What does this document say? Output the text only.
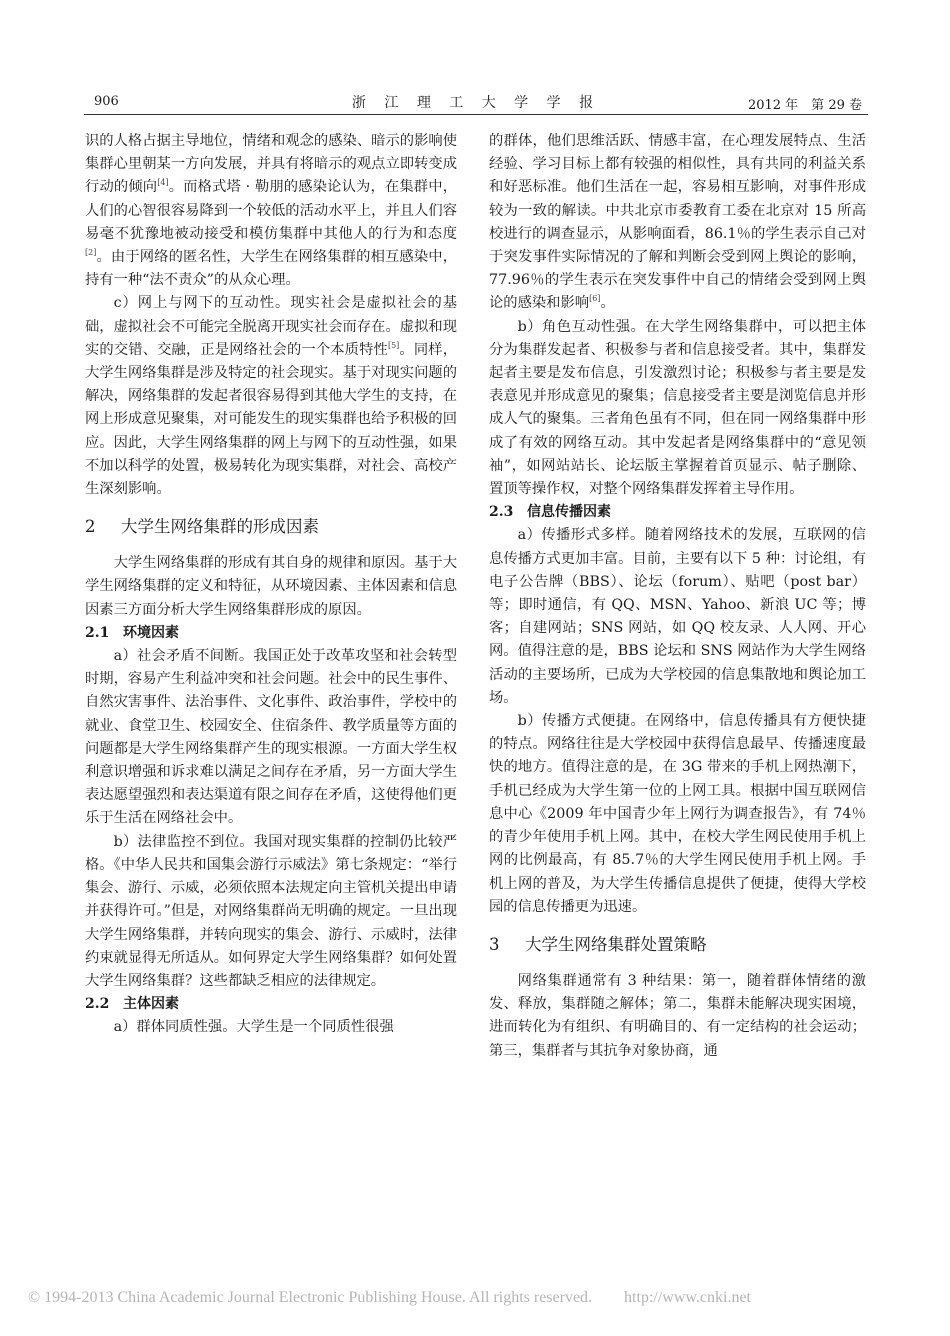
906	浙 江 理 工 大 学 学 报	2012 年　第 29 卷

识的人格占据主导地位，情绪和观念的感染、暗示的影响使集群心里朝某一方向发展，并具有将暗示的观点立即转变成行动的倾向[4]。而格式塔 · 勒朋的感染论认为，在集群中，人们的心智很容易降到一个较低的活动水平上，并且人们容易毫不犹豫地被动接受和模仿集群中其他人的行为和态度[2]。由于网络的匿名性，大学生在网络集群的相互感染中，持有一种“法不责众”的从众心理。

c）网上与网下的互动性。现实社会是虚拟社会的基础，虚拟社会不可能完全脱离开现实社会而存在。虚拟和现实的交错、交融，正是网络社会的一个本质特性[5]。同样，大学生网络集群是涉及特定的社会现实。基于对现实问题的解决，网络集群的发起者很容易得到其他大学生的支持，在网上形成意见聚集，对可能发生的现实集群也给予积极的回应。因此，大学生网络集群的网上与网下的互动性强，如果不加以科学的处置，极易转化为现实集群，对社会、高校产生深刻影响。

2 大学生网络集群的形成因素

大学生网络集群的形成有其自身的规律和原因。基于大学生网络集群的定义和特征，从环境因素、主体因素和信息因素三方面分析大学生网络集群形成的原因。

2.1 环境因素

a）社会矛盾不间断。我国正处于改革攻坚和社会转型时期，容易产生利益冲突和社会问题。社会中的民生事件、自然灾害事件、法治事件、文化事件、政治事件，学校中的就业、食堂卫生、校园安全、住宿条件、教学质量等方面的问题都是大学生网络集群产生的现实根源。一方面大学生权利意识增强和诉求难以满足之间存在矛盾，另一方面大学生表达愿望强烈和表达渠道有限之间存在矛盾，这使得他们更乐于生活在网络社会中。

b）法律监控不到位。我国对现实集群的控制仍比较严格。《中华人民共和国集会游行示威法》第七条规定：“举行集会、游行、示威，必须依照本法规定向主管机关提出申请并获得许可。”但是，对网络集群尚无明确的规定。一旦出现大学生网络集群，并转向现实的集会、游行、示威时，法律约束就显得无所适从。如何界定大学生网络集群？如何处置大学生网络集群？这些都缺乏相应的法律规定。

2.2 主体因素

a）群体同质性强。大学生是一个同质性很强

的群体，他们思维活跃、情感丰富，在心理发展特点、生活经验、学习目标上都有较强的相似性，具有共同的利益关系和好恶标准。他们生活在一起，容易相互影响，对事件形成较为一致的解读。中共北京市委教育工委在北京对 15 所高校进行的调查显示，从影响面看，86.1％的学生表示自己对于突发事件实际情况的了解和判断会受到网上舆论的影响，77.96％的学生表示在突发事件中自己的情绪会受到网上舆论的感染和影响[6]。

b）角色互动性强。在大学生网络集群中，可以把主体分为集群发起者、积极参与者和信息接受者。其中，集群发起者主要是发布信息，引发激烈讨论；积极参与者主要是发表意见并形成意见的聚集；信息接受者主要是浏览信息并形成人气的聚集。三者角色虽有不同，但在同一网络集群中形成了有效的网络互动。其中发起者是网络集群中的“意见领袖”，如网站站长、论坛版主掌握着首页显示、帖子删除、置顶等操作权，对整个网络集群发挥着主导作用。

2.3 信息传播因素

a）传播形式多样。随着网络技术的发展，互联网的信息传播方式更加丰富。目前，主要有以下 5 种：讨论组，有电子公告牌（BBS）、论坛（forum）、贴吧（post bar）等；即时通信，有 QQ、MSN、Yahoo、新浪 UC 等；博客；自建网站；SNS 网站，如 QQ 校友录、人人网、开心网。值得注意的是，BBS 论坛和 SNS 网站作为大学生网络活动的主要场所，已成为大学校园的信息集散地和舆论加工场。

b）传播方式便捷。在网络中，信息传播具有方便快捷的特点。网络往往是大学校园中获得信息最早、传播速度最快的地方。值得注意的是，在 3G 带来的手机上网热潮下，手机已经成为大学生第一位的上网工具。根据中国互联网信息中心《2009 年中国青少年上网行为调查报告》，有 74％的青少年使用手机上网。其中，在校大学生网民使用手机上网的比例最高，有 85.7％的大学生网民使用手机上网。手机上网的普及，为大学生传播信息提供了便捷，使得大学校园的信息传播更为迅速。

3 大学生网络集群处置策略

网络集群通常有 3 种结果：第一，随着群体情绪的激发、释放，集群随之解体；第二，集群未能解决现实困境，进而转化为有组织、有明确目的、有一定结构的社会运动；第三，集群者与其抗争对象协商，通

© 1994-2013 China Academic Journal Electronic Publishing House. All rights reserved.　　http://www.cnki.net
